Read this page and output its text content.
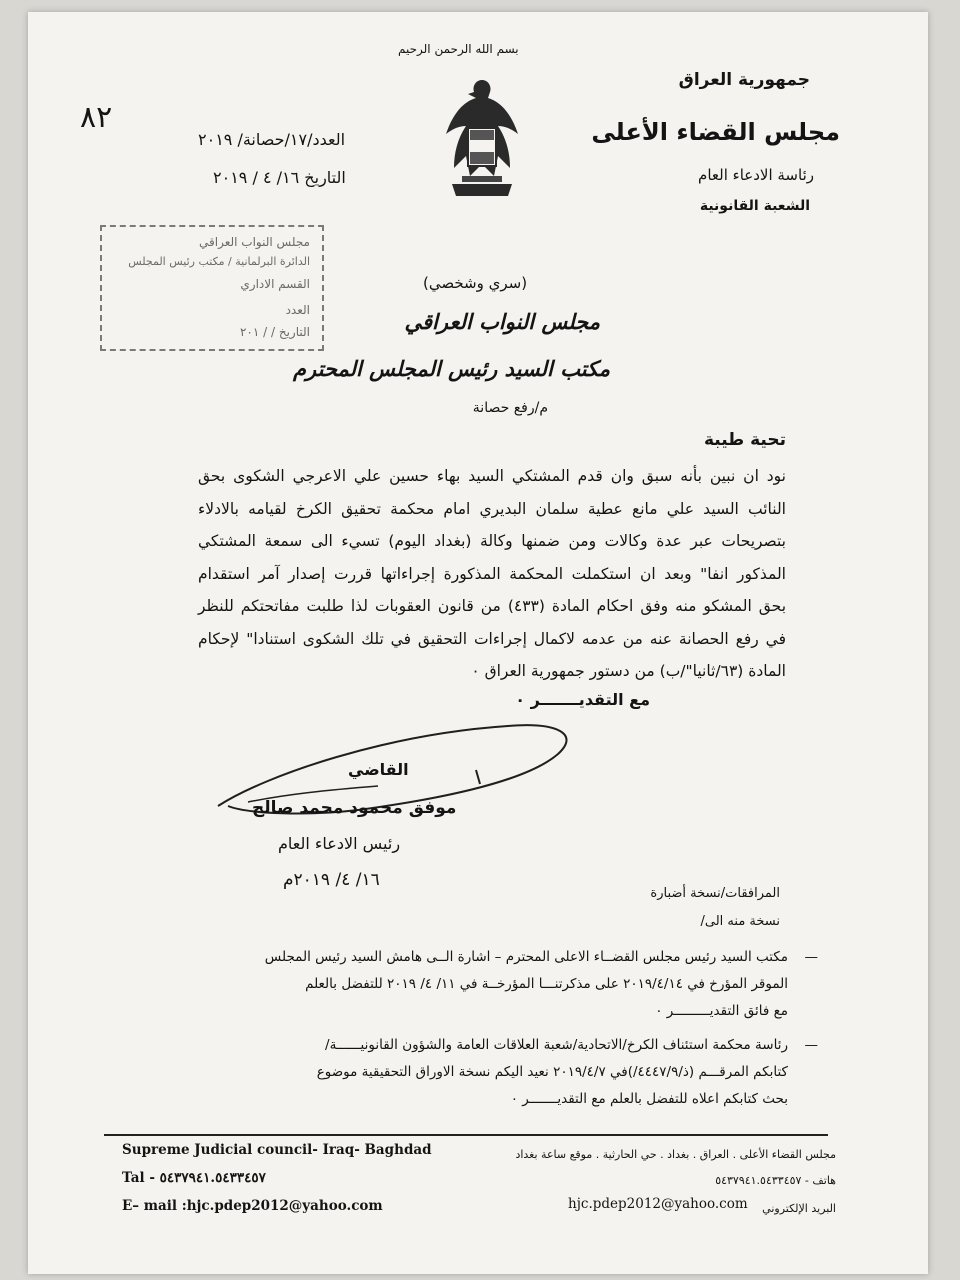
بسم الله الرحمن الرحيم
جمهورية العراق
مجلس القضاء الأعلى
رئاسة الادعاء العام
الشعبة القانونية
العدد/١٧/حصانة/ ٢٠١٩
التاريخ ١٦/ ٤ / ٢٠١٩
٨٢
مجلس النواب العراقي
الدائرة البرلمانية / مكتب رئيس المجلس
القسم الاداري
العدد
التاريخ / / ٢٠١
(سري وشخصي)
مجلس النواب العراقي
مكتب السيد رئيس المجلس المحترم
م/رفع حصانة
تحية طيبة
نود ان نبين بأنه سبق وان قدم المشتكي السيد بهاء حسين علي الاعرجي الشكوى بحق
النائب السيد علي مانع عطية سلمان البديري امام محكمة تحقيق الكرخ لقيامه بالادلاء
بتصريحات عبر عدة وكالات ومن ضمنها وكالة (بغداد اليوم) تسيء الى سمعة المشتكي
المذكور انفا" وبعد ان استكملت المحكمة المذكورة إجراءاتها قررت إصدار آمر استقدام
بحق المشكو منه وفق احكام المادة (٤٣٣) من قانون العقوبات لذا طلبت مفاتحتكم للنظر
في رفع الحصانة عنه من عدمه لاكمال إجراءات التحقيق في تلك الشكوى استنادا" لإحكام
المادة (٦٣/ثانيا"/ب) من دستور جمهورية العراق ٠
مع التقديـــــــر ٠
القاضي
موفق محمود محمد صالح
رئيس الادعاء العام
١٦/ ٤/ ٢٠١٩م
المرافقات/نسخة أضبارة
نسخة منه الى/
—
مكتب السيد رئيس مجلس القضــاء الاعلى المحترم – اشارة الــى هامش السيد رئيس المجلس
الموقر المؤرخ في ٢٠١٩/٤/١٤ على مذكرتنـــا المؤرخــة في ١١/ ٤/ ٢٠١٩ للتفضل بالعلم
مع فائق التقديـــــــــر ٠
—
رئاسة محكمة استئناف الكرخ/الاتحادية/شعبة العلاقات العامة والشؤون القانونيــــــة/
كتابكم المرقـــم (ذ/٤٤٤٧/٩/)في ٢٠١٩/٤/٧ نعيد اليكم نسخة الاوراق التحقيقية موضوع
بحث كتابكم اعلاه للتفضل بالعلم مع التقديـــــــر ٠
Supreme Judicial council- Iraq- Baghdad
Tal - ٥٤٣٧٩٤١.٥٤٣٣٤٥٧
E– mail :hjc.pdep2012@yahoo.com
مجلس القضاء الأعلى . العراق . بغداد . حي الحارثية . موقع ساعة بغداد
هاتف - ٥٤٣٧٩٤١.٥٤٣٣٤٥٧
البريد الإلكتروني
hjc.pdep2012@yahoo.com
